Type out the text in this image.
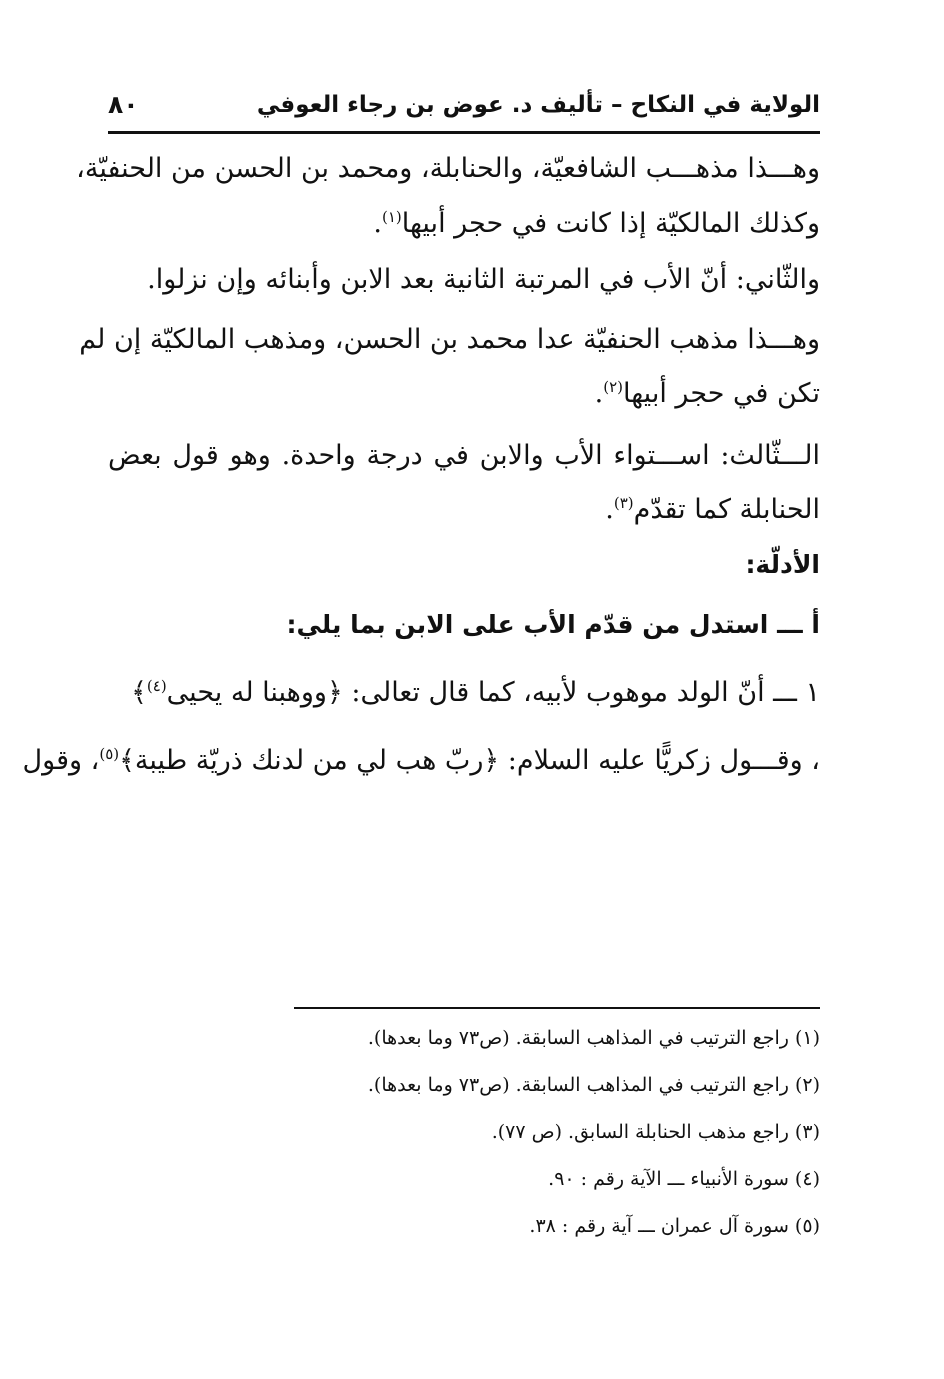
الولاية في النكاح – تأليف د. عوض بن رجاء العوفي
٨٠
وهـــذا مذهـــب الشافعيّة، والحنابلة، ومحمد بن الحسن من الحنفيّة،
وكذلك المالكيّة إذا كانت في حجر أبيها$^{(١)}$.
والثّاني: أنّ الأب في المرتبة الثانية بعد الابن وأبنائه وإن نزلوا.
وهـــذا مذهب الحنفيّة عدا محمد بن الحسن، ومذهب المالكيّة إن لم
تكن في حجر أبيها$^{(٢)}$.
الـــثّالث: اســـتواء الأب والابن في درجة واحدة. وهو قول بعض
الحنابلة كما تقدّم$^{(٣)}$.
الأدلّة:
أ ـــ استدل من قدّم الأب على الابن بما يلي:
١ ـــ أنّ الولد موهوب لأبيه، كما قال تعالى: ﴿ووهبنا له يحيى$^{(٤)}$﴾
، وقـــول زكريًّا عليه السلام: ﴿ربّ هب لي من لدنك ذريّة طيبة﴾$^{(٥)}$، وقول
(١) راجع الترتيب في المذاهب السابقة. (ص٧٣ وما بعدها).
(٢) راجع الترتيب في المذاهب السابقة. (ص٧٣ وما بعدها).
(٣) راجع مذهب الحنابلة السابق. (ص ٧٧).
(٤) سورة الأنبياء ـــ الآية رقم : ٩٠.
(٥) سورة آل عمران ـــ آية رقم : ٣٨.
